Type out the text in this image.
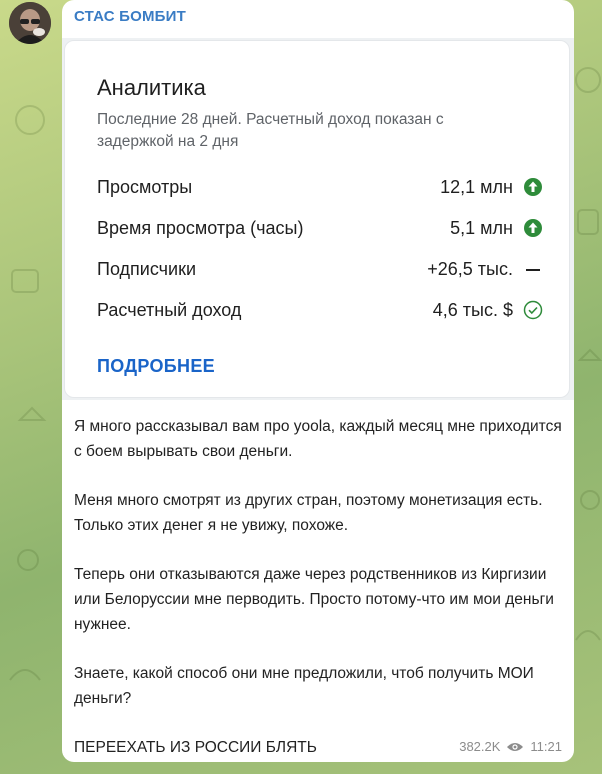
СТАС БОМБИТ
Аналитика
Последние 28 дней. Расчетный доход показан с задержкой на 2 дня
Просмотры	12,1 млн
Время просмотра (часы)	5,1 млн
Подписчики	+26,5 тыс.
Расчетный доход	4,6 тыс. $
ПОДРОБНЕЕ

Я много рассказывал вам про yoola, каждый месяц мне приходится с боем вырывать свои деньги.

Меня много смотрят из других стран, поэтому монетизация есть. Только этих денег я не увижу, похоже.

Теперь они отказываются даже через родственников из Киргизии или Белоруссии мне перводить. Просто потому-что им мои деньги нужнее.

Знаете, какой способ они мне предложили, чтоб получить МОИ деньги?

ПЕРЕЕХАТЬ ИЗ РОССИИ БЛЯТЬ	382.2K 11:21
